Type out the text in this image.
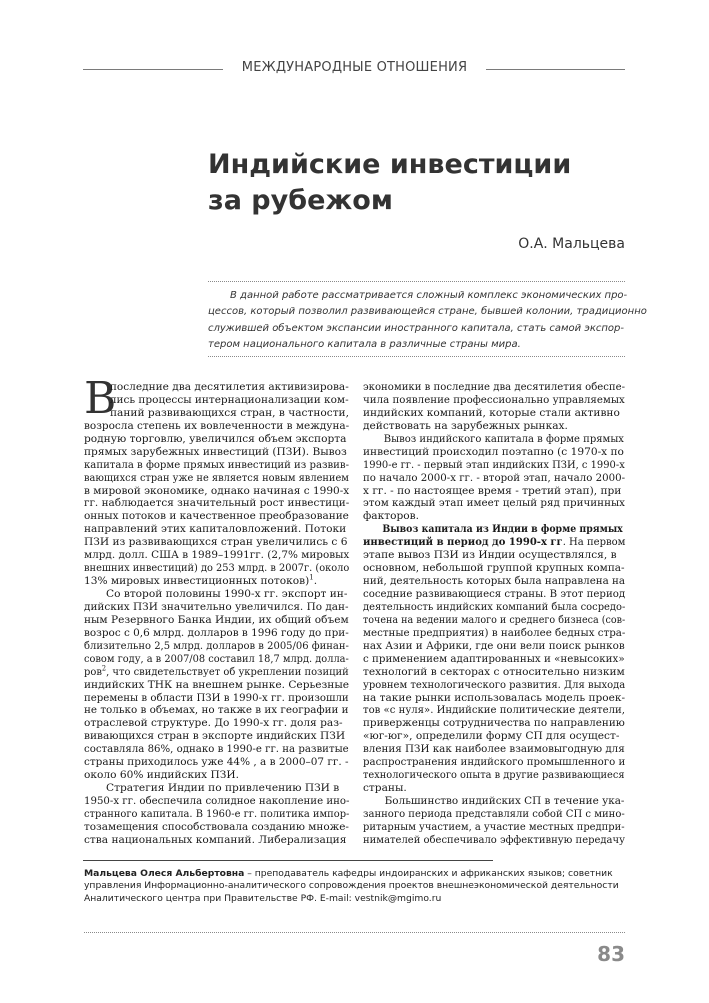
МЕЖДУНАРОДНЫЕ ОТНОШЕНИЯ
Индийские инвестиции
за рубежом
О.А. Мальцева
В данной работе рассматривается сложный комплекс экономических про-
цессов, который позволил развивающейся стране, бывшей колонии, традиционно
служившей объектом экспансии иностранного капитала, стать самой экспор-
тером национального капитала в различные страны мира.
В
последние два десятилетия активизирова-
лись процессы интернационализации ком-
паний развивающихся стран, в частности,
возросла степень их вовлеченности в междуна-
родную торговлю, увеличился объем экспорта
прямых зарубежных инвестиций (ПЗИ). Вывоз
капитала в форме прямых инвестиций из развив-
вающихся стран уже не является новым явлением
в мировой экономике, однако начиная с 1990-х
гг. наблюдается значительный рост инвестици-
онных потоков и качественное преобразование
направлений этих капиталовложений. Потоки
ПЗИ из развивающихся стран увеличились с 6
млрд. долл. США в 1989–1991гг. (2,7% мировых
внешних инвестиций) до 253 млрд. в 2007г. (около
13% мировых инвестиционных потоков)$^1$.
Со второй половины 1990-х гг. экспорт ин-
дийских ПЗИ значительно увеличился. По дан-
ным Резервного Банка Индии, их общий объем
возрос с 0,6 млрд. долларов в 1996 году до при-
близительно 2,5 млрд. долларов в 2005/06 финан-
совом году, а в 2007/08 составил 18,7 млрд. долла-
ров$^2$, что свидетельствует об укреплении позиций
индийских ТНК на внешнем рынке. Серьезные
перемены в области ПЗИ в 1990-х гг. произошли
не только в объемах, но также в их географии и
отраслевой структуре. До 1990-х гг. доля раз-
вивающихся стран в экспорте индийских ПЗИ
составляла 86%, однако в 1990-е гг. на развитые
страны приходилось уже 44% , а в 2000–07 гг. -
около 60% индийских ПЗИ.
Стратегия Индии по привлечению ПЗИ в
1950-х гг. обеспечила солидное накопление ино-
странного капитала. В 1960-е гг. политика импор-
тозамещения способствовала созданию множе-
ства национальных компаний. Либерализация
экономики в последние два десятилетия обеспе-
чила появление профессионально управляемых
индийских компаний, которые стали активно
действовать на зарубежных рынках.
Вывоз индийского капитала в форме прямых
инвестиций происходил поэтапно (с 1970-х по
1990-е гг. - первый этап индийских ПЗИ, с 1990-х
по начало 2000-х гг. - второй этап, начало 2000-
х гг. - по настоящее время - третий этап), при
этом каждый этап имеет целый ряд причинных
факторов.
Вывоз капитала из Индии в форме прямых
инвестиций в период до 1990-х гг. На первом
этапе вывоз ПЗИ из Индии осуществлялся, в
основном, небольшой группой крупных компа-
ний, деятельность которых была направлена на
соседние развивающиеся страны. В этот период
деятельность индийских компаний была сосредо-
точена на ведении малого и среднего бизнеса (сов-
местные предприятия) в наиболее бедных стра-
нах Азии и Африки, где они вели поиск рынков
с применением адаптированных и «невысоких»
технологий в секторах с относительно низким
уровнем технологического развития. Для выхода
на такие рынки использовалась модель проек-
тов «с нуля». Индийские политические деятели,
приверженцы сотрудничества по направлению
«юг-юг», определили форму СП для осущест-
вления ПЗИ как наиболее взаимовыгодную для
распространения индийского промышленного и
технологического опыта в другие развивающиеся
страны.
Большинство индийских СП в течение ука-
занного периода представляли собой СП с мино-
ритарным участием, а участие местных предпри-
нимателей обеспечивало эффективную передачу
Мальцева Олеся Альбертовна – преподаватель кафедры индоиранских и африканских языков; советник
управления Информационно-аналитического сопровождения проектов внешнеэкономической деятельности
Аналитического центра при Правительстве РФ. E-mail: vestnik@mgimo.ru
83
